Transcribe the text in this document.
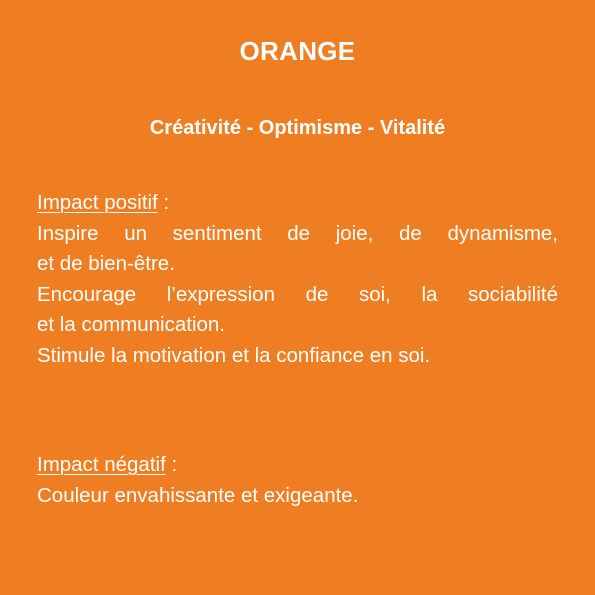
ORANGE
Créativité - Optimisme - Vitalité
Impact positif :
Inspire un sentiment de joie, de dynamisme,
et de bien-être.
Encourage l’expression de soi, la sociabilité
et la communication.
Stimule la motivation et la confiance en soi.
Impact négatif :
Couleur envahissante et exigeante.
